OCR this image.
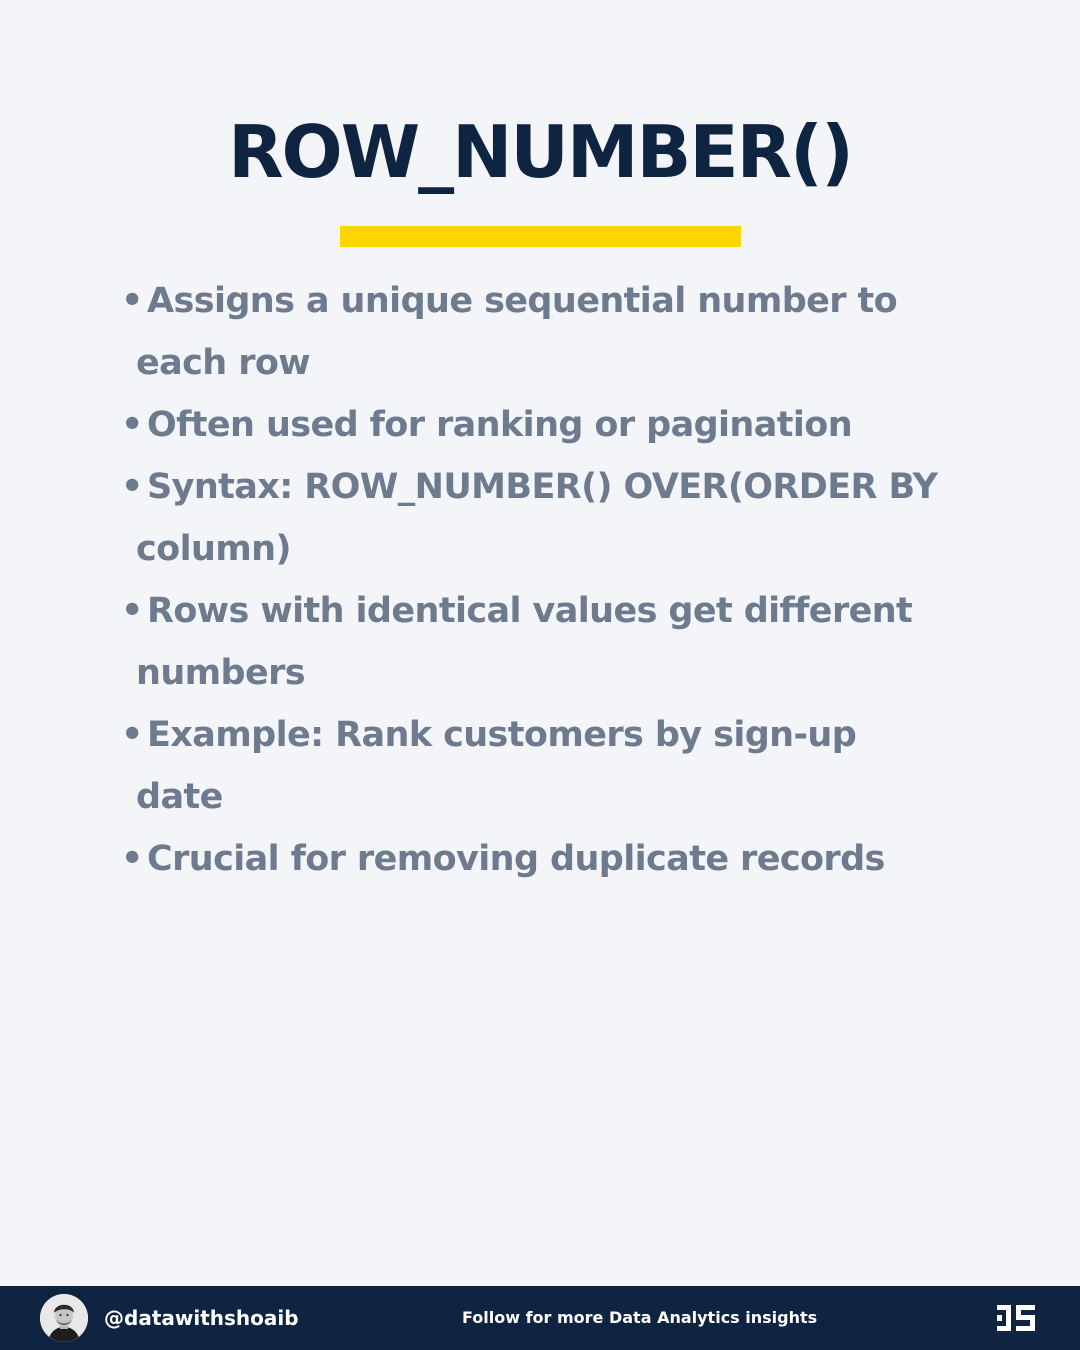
ROW_NUMBER()
• Assigns a unique sequential number to
each row
• Often used for ranking or pagination
• Syntax: ROW_NUMBER() OVER(ORDER BY
column)
• Rows with identical values get different
numbers
• Example: Rank customers by sign-up
date
• Crucial for removing duplicate records
@datawithshoaib	Follow for more Data Analytics insights
